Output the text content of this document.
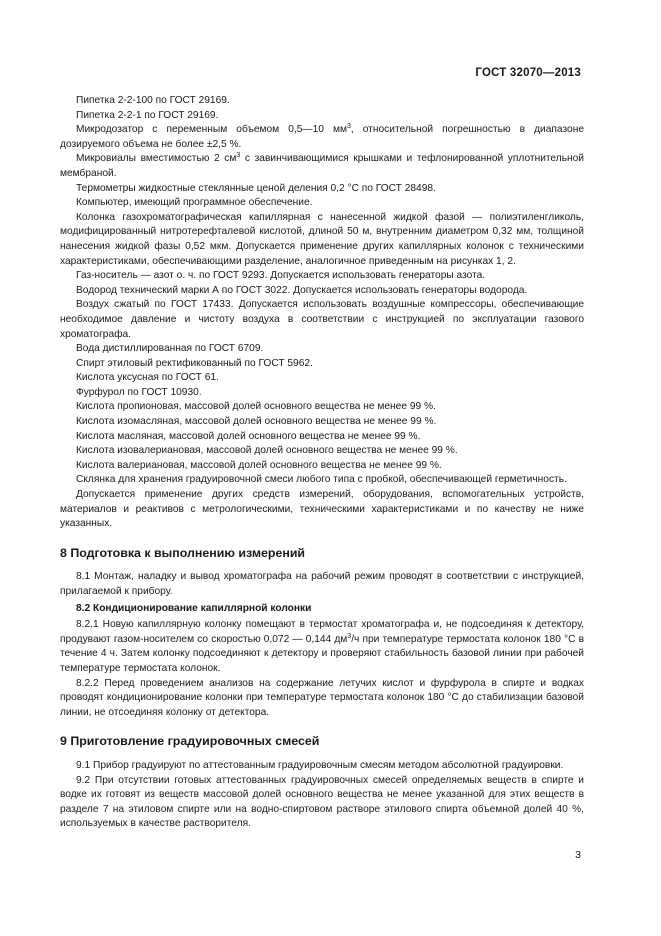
ГОСТ 32070—2013

Пипетка 2-2-100 по ГОСТ 29169.

Пипетка 2-2-1 по ГОСТ 29169.

Микродозатор с переменным объемом 0,5—10 $мм^3$, относительной погрешностью в диапазоне дозируемого объема не более ±2,5 %.

Микровиалы вместимостью 2 $см^3$ с завинчивающимися крышками и тефлонированной уплотнительной мембраной.

Термометры жидкостные стеклянные ценой деления 0,2 °С по ГОСТ 28498.

Компьютер, имеющий программное обеспечение.

Колонка газохроматографическая капиллярная с нанесенной жидкой фазой — полиэтиленгликоль, модифицированный нитротерефталевой кислотой, длиной 50 м, внутренним диаметром 0,32 мм, толщиной нанесения жидкой фазы 0,52 мкм. Допускается применение других капиллярных колонок с техническими характеристиками, обеспечивающими разделение, аналогичное приведенным на рисунках 1, 2.

Газ-носитель — азот о. ч. по ГОСТ 9293. Допускается использовать генераторы азота.

Водород технический марки А по ГОСТ 3022. Допускается использовать генераторы водорода.

Воздух сжатый по ГОСТ 17433. Допускается использовать воздушные компрессоры, обеспечивающие необходимое давление и чистоту воздуха в соответствии с инструкцией по эксплуатации газового хроматографа.

Вода дистиллированная по ГОСТ 6709.

Спирт этиловый ректификованный по ГОСТ 5962.

Кислота уксусная по ГОСТ 61.

Фурфурол по ГОСТ 10930.

Кислота пропионовая, массовой долей основного вещества не менее 99 %.

Кислота изомасляная, массовой долей основного вещества не менее 99 %.

Кислота масляная, массовой долей основного вещества не менее 99 %.

Кислота изовалериановая, массовой долей основного вещества не менее 99 %.

Кислота валериановая, массовой долей основного вещества не менее 99 %.

Склянка для хранения градуировочной смеси любого типа с пробкой, обеспечивающей герметичность.

Допускается применение других средств измерений, оборудования, вспомогательных устройств, материалов и реактивов с метрологическими, техническими характеристиками и по качеству не ниже указанных.

8 Подготовка к выполнению измерений

8.1 Монтаж, наладку и вывод хроматографа на рабочий режим проводят в соответствии с инструкцией, прилагаемой к прибору.

8.2 Кондиционирование капиллярной колонки

8.2.1 Новую капиллярную колонку помещают в термостат хроматографа и, не подсоединяя к детектору, продувают газом-носителем со скоростью 0,072 — 0,144 $дм^3/ч$ при температуре термостата колонок 180 °С в течение 4 ч. Затем колонку подсоединяют к детектору и проверяют стабильность базовой линии при рабочей температуре термостата колонок.

8.2.2 Перед проведением анализов на содержание летучих кислот и фурфурола в спирте и водках проводят кондиционирование колонки при температуре термостата колонок 180 °С до стабилизации базовой линии, не отсоединяя колонку от детектора.

9 Приготовление градуировочных смесей

9.1 Прибор градуируют по аттестованным градуировочным смесям методом абсолютной градуировки.

9.2 При отсутствии готовых аттестованных градуировочных смесей определяемых веществ в спирте и водке их готовят из веществ массовой долей основного вещества не менее указанной для этих веществ в разделе 7 на этиловом спирте или на водно-спиртовом растворе этилового спирта объемной долей 40 %, используемых в качестве растворителя.

3
